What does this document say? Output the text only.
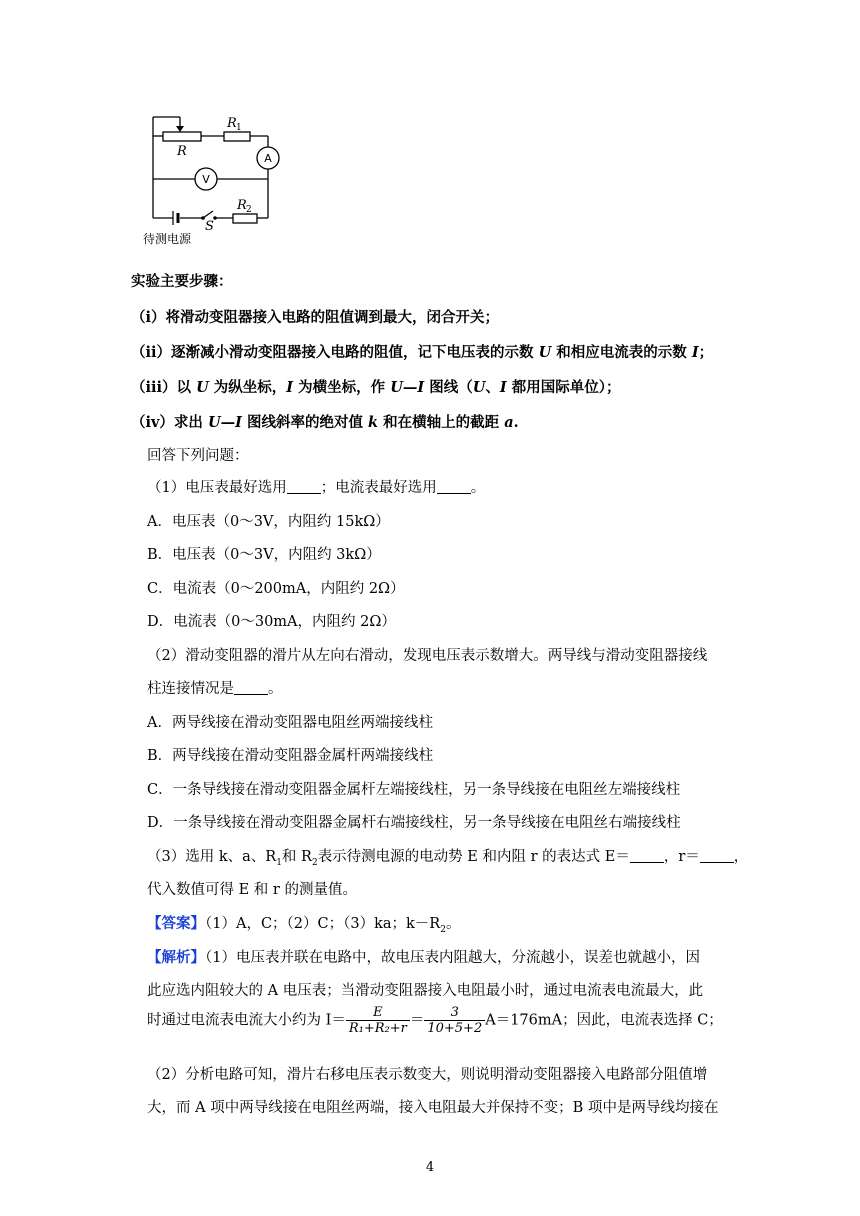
R
R 1
S
R 2
A
V
待测电源
实验主要步骤：
（i）将滑动变阻器接入电路的阻值调到最大，闭合开关；
（ii）逐渐减小滑动变阻器接入电路的阻值，记下电压表的示数 U 和相应电流表的示数 I；
（iii）以 U 为纵坐标，I 为横坐标，作 U—I 图线（U、I 都用国际单位）；
（iv）求出 U—I 图线斜率的绝对值 k 和在横轴上的截距 a.
回答下列问题：
（1）电压表最好选用 ；电流表最好选用 。
A．电压表（0～3V，内阻约 15kΩ）
B．电压表（0～3V，内阻约 3kΩ）
C．电流表（0～200mA，内阻约 2Ω）
D．电流表（0～30mA，内阻约 2Ω）
（2）滑动变阻器的滑片从左向右滑动，发现电压表示数增大。两导线与滑动变阻器接线
柱连接情况是 。
A．两导线接在滑动变阻器电阻丝两端接线柱
B．两导线接在滑动变阻器金属杆两端接线柱
C．一条导线接在滑动变阻器金属杆左端接线柱，另一条导线接在电阻丝左端接线柱
D．一条导线接在滑动变阻器金属杆右端接线柱，另一条导线接在电阻丝右端接线柱
（3）选用 k、a、$R_1$和 $R_2$表示待测电源的电动势 E 和内阻 r 的表达式 E＝ ，r＝ ，
代入数值可得 E 和 r 的测量值。
【答案】（1）A，C；（2）C；（3）ka；$k-R_2$。
【解析】（1）电压表并联在电路中，故电压表内阻越大，分流越小，误差也就越小，因
此应选内阻较大的 A 电压表；当滑动变阻器接入电阻最小时，通过电流表电流最大，此
时通过电流表电流大小约为 $I= \frac{E}{\text{R₁+R₂+r}} = \frac{3}{10+5+2} A=176mA$；因此，电流表选择 C；
（2）分析电路可知，滑片右移电压表示数变大，则说明滑动变阻器接入电路部分阻值增
大，而 A 项中两导线接在电阻丝两端，接入电阻最大并保持不变；B 项中是两导线均接在
4
